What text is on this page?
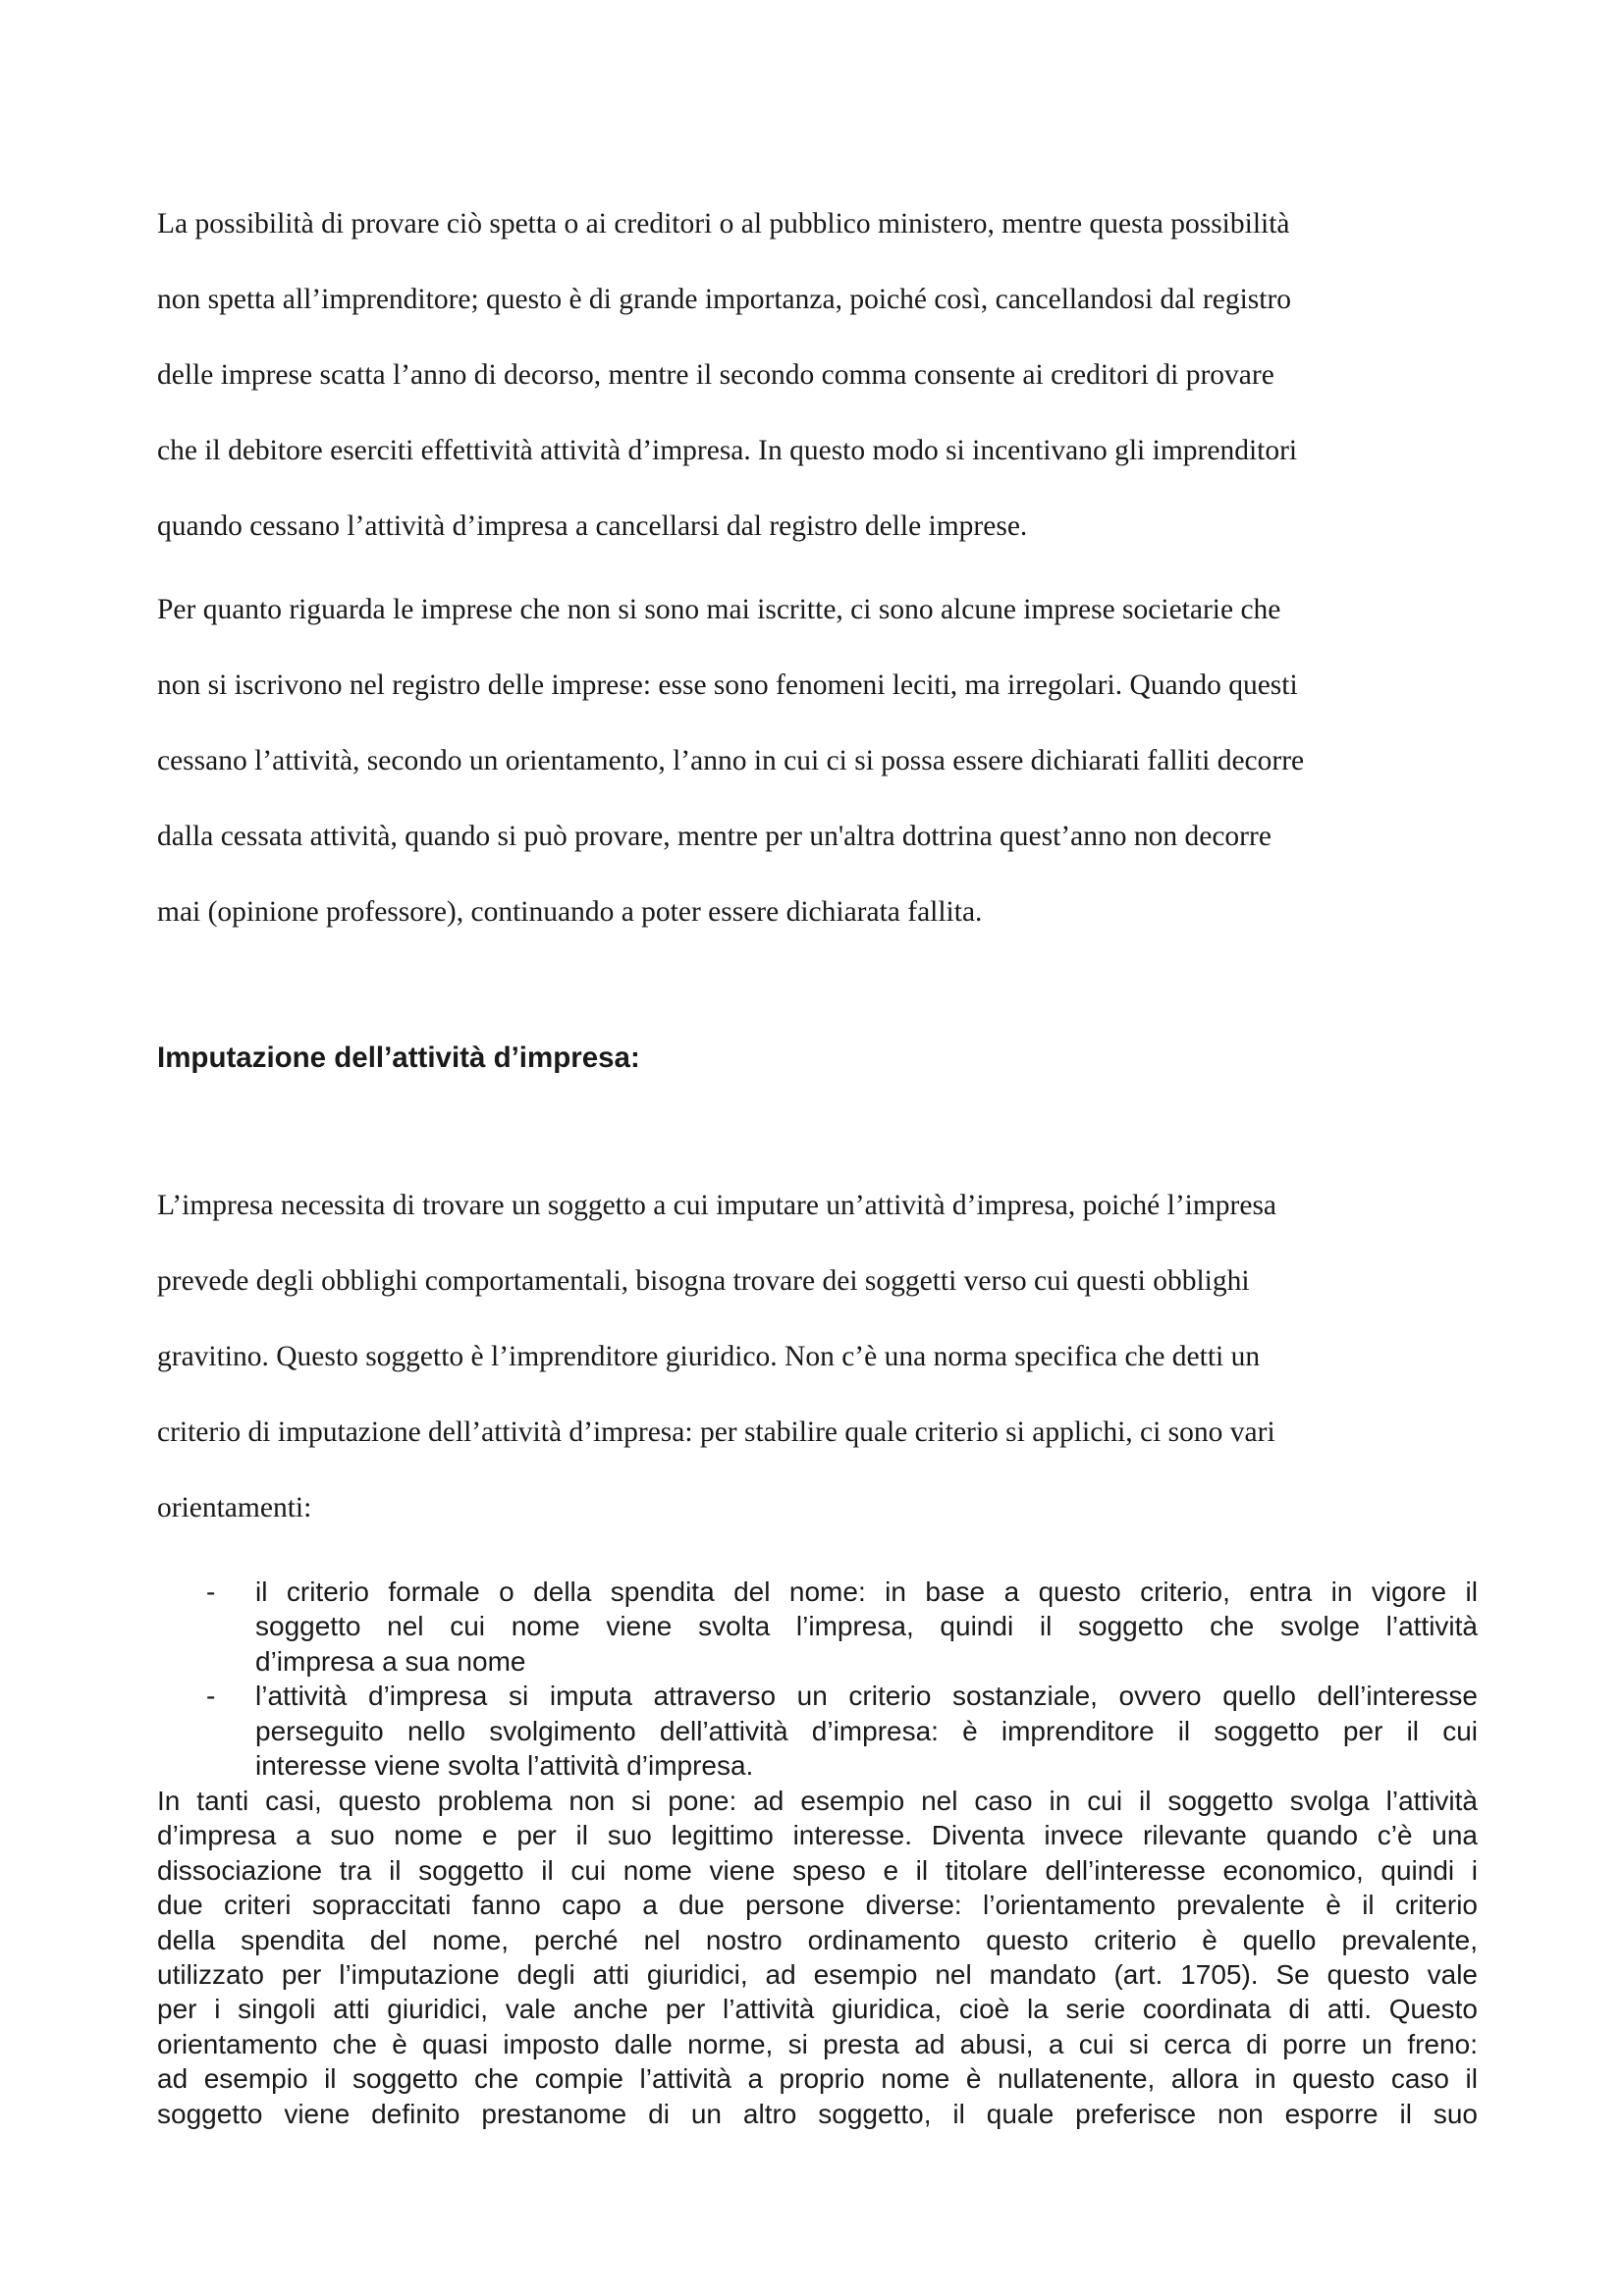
La possibilità di provare ciò spetta o ai creditori o al pubblico ministero, mentre questa possibilità
non spetta all’imprenditore; questo è di grande importanza, poiché così, cancellandosi dal registro
delle imprese scatta l’anno di decorso, mentre il secondo comma consente ai creditori di provare
che il debitore eserciti effettività attività d’impresa. In questo modo si incentivano gli imprenditori
quando cessano l’attività d’impresa a cancellarsi dal registro delle imprese.
Per quanto riguarda le imprese che non si sono mai iscritte, ci sono alcune imprese societarie che
non si iscrivono nel registro delle imprese: esse sono fenomeni leciti, ma irregolari. Quando questi
cessano l’attività, secondo un orientamento, l’anno in cui ci si possa essere dichiarati falliti decorre
dalla cessata attività, quando si può provare, mentre per un'altra dottrina quest’anno non decorre
mai (opinione professore), continuando a poter essere dichiarata fallita.
Imputazione dell’attività d’impresa:
L’impresa necessita di trovare un soggetto a cui imputare un’attività d’impresa, poiché l’impresa
prevede degli obblighi comportamentali, bisogna trovare dei soggetti verso cui questi obblighi
gravitino. Questo soggetto è l’imprenditore giuridico. Non c’è una norma specifica che detti un
criterio di imputazione dell’attività d’impresa: per stabilire quale criterio si applichi, ci sono vari
orientamenti:
- il criterio formale o della spendita del nome: in base a questo criterio, entra in vigore il
soggetto nel cui nome viene svolta l’impresa, quindi il soggetto che svolge l’attività
d’impresa a sua nome
- l’attività d’impresa si imputa attraverso un criterio sostanziale, ovvero quello dell’interesse
perseguito nello svolgimento dell’attività d’impresa: è imprenditore il soggetto per il cui
interesse viene svolta l’attività d’impresa.
In tanti casi, questo problema non si pone: ad esempio nel caso in cui il soggetto svolga l’attività
d’impresa a suo nome e per il suo legittimo interesse. Diventa invece rilevante quando c’è una
dissociazione tra il soggetto il cui nome viene speso e il titolare dell’interesse economico, quindi i
due criteri sopraccitati fanno capo a due persone diverse: l’orientamento prevalente è il criterio
della spendita del nome, perché nel nostro ordinamento questo criterio è quello prevalente,
utilizzato per l’imputazione degli atti giuridici, ad esempio nel mandato (art. 1705). Se questo vale
per i singoli atti giuridici, vale anche per l’attività giuridica, cioè la serie coordinata di atti. Questo
orientamento che è quasi imposto dalle norme, si presta ad abusi, a cui si cerca di porre un freno:
ad esempio il soggetto che compie l’attività a proprio nome è nullatenente, allora in questo caso il
soggetto viene definito prestanome di un altro soggetto, il quale preferisce non esporre il suo
